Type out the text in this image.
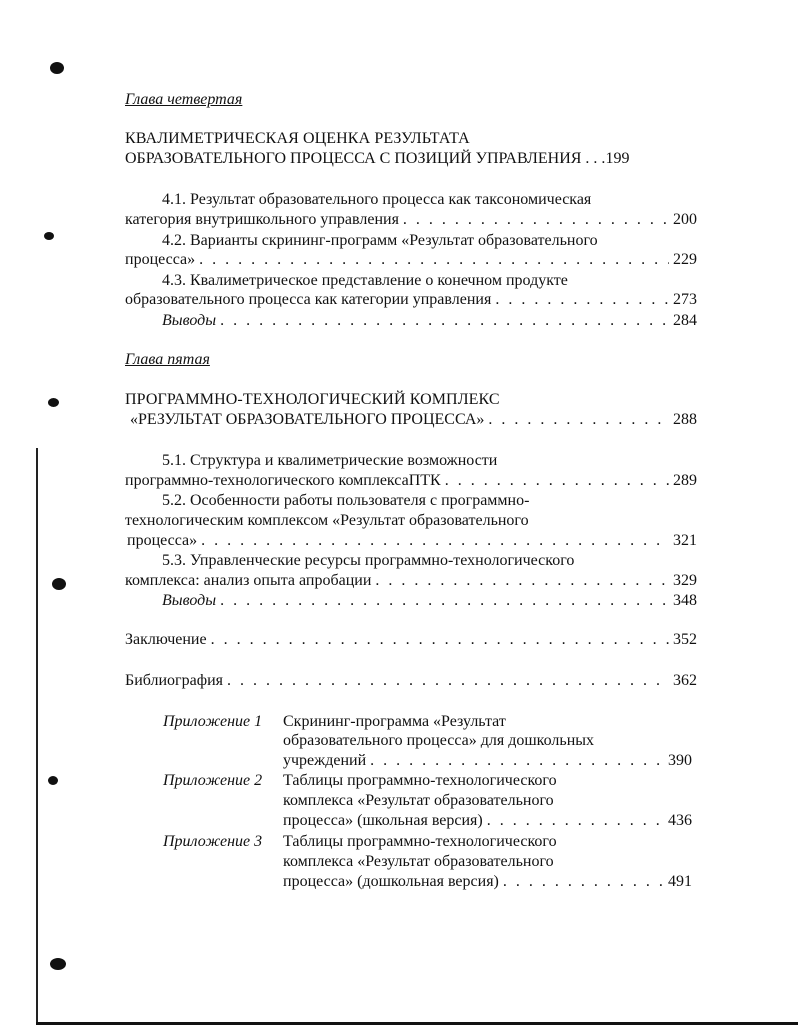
Глава четвертая
КВАЛИМЕТРИЧЕСКАЯ ОЦЕНКА РЕЗУЛЬТАТА
ОБРАЗОВАТЕЛЬНОГО ПРОЦЕССА С ПОЗИЦИЙ УПРАВЛЕНИЯ . . . 199
4.1. Результат образовательного процесса как таксономическая
категория внутришкольного управления . . .	200
4.2. Варианты скрининг-программ «Результат образовательного
процесса» . . .	229
4.3. Квалиметрическое представление о конечном продукте
образовательного процесса как категории управления . . .	273
Выводы . . .	284
Глава пятая
ПРОГРАММНО-ТЕХНОЛОГИЧЕСКИЙ КОМПЛЕКС
«РЕЗУЛЬТАТ ОБРАЗОВАТЕЛЬНОГО ПРОЦЕССА» . . .	288
5.1. Структура и квалиметрические возможности
программно-технологического комплексаПТК . . .	289
5.2. Особенности работы пользователя с программно-
технологическим комплексом «Результат образовательного
процесса» . . .	321
5.3. Управленческие ресурсы программно-технологического
комплекса: анализ опыта апробации . . .	329
Выводы . . .	348
Заключение . . .	352
Библиография . . .	362
Приложение 1 Скрининг-программа «Результат
образовательного процесса» для дошкольных
учреждений . . .	390
Приложение 2 Таблицы программно-технологического
комплекса «Результат образовательного
процесса» (школьная версия) . . .	436
Приложение 3 Таблицы программно-технологического
комплекса «Результат образовательного
процесса» (дошкольная версия) . . .	491
